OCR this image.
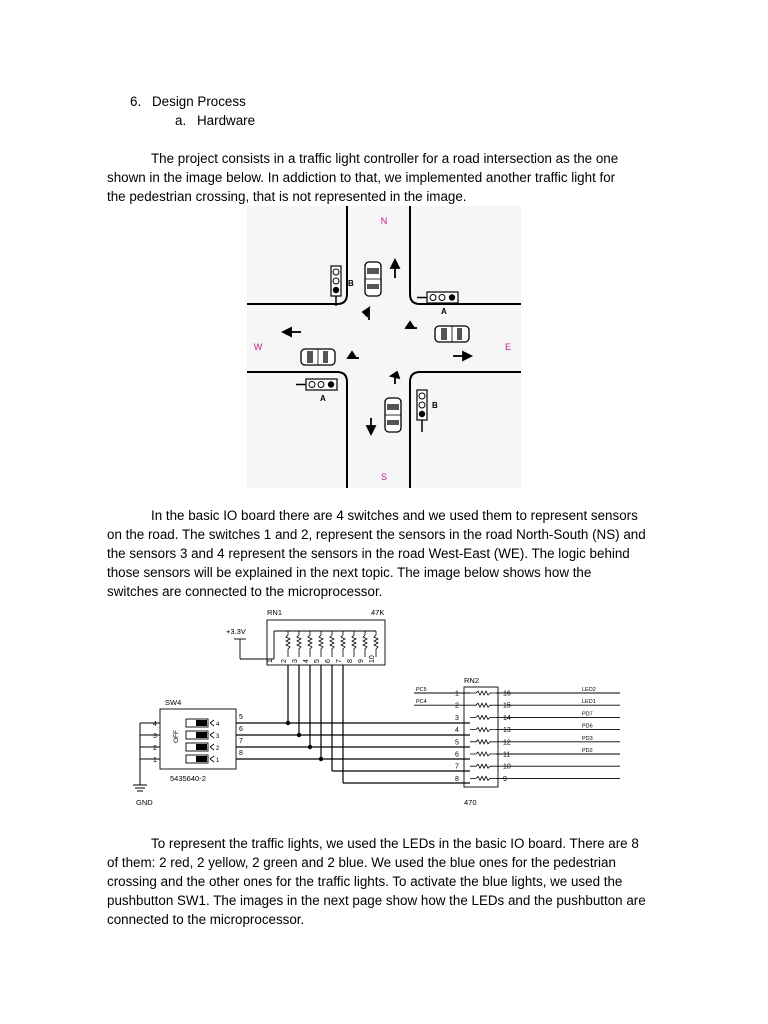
6. Design Process
a. Hardware
The project consists in a traffic light controller for a road intersection as the one
shown in the image below. In addiction to that, we implemented another traffic light for
the pedestrian crossing, that is not represented in the image.
N
S
W	E
B
A
A
B
In the basic IO board there are 4 switches and we used them to represent sensors
on the road. The switches 1 and 2, represent the sensors in the road North-South (NS) and
the sensors 3 and 4 represent the sensors in the road West-East (WE). The logic behind
those sensors will be explained in the next topic. The image below shows how the
switches are connected to the microprocessor.
RN1	47K
+3.3V
SW4
5435640-2
GND
RN2
470
1 2 3 4 5 6 7 8 9 10
4
3
2
1
4
3
2
1
5
6
7
8
OFF
1	16
2	15
3	14
4	13
5	12
6	11
7	10
8	9
PC5
PC4
LED2
LED1
PD7
PD6
PD3
PD2
To represent the traffic lights, we used the LEDs in the basic IO board. There are 8
of them: 2 red, 2 yellow, 2 green and 2 blue. We used the blue ones for the pedestrian
crossing and the other ones for the traffic lights. To activate the blue lights, we used the
pushbutton SW1. The images in the next page show how the LEDs and the pushbutton are
connected to the microprocessor.
